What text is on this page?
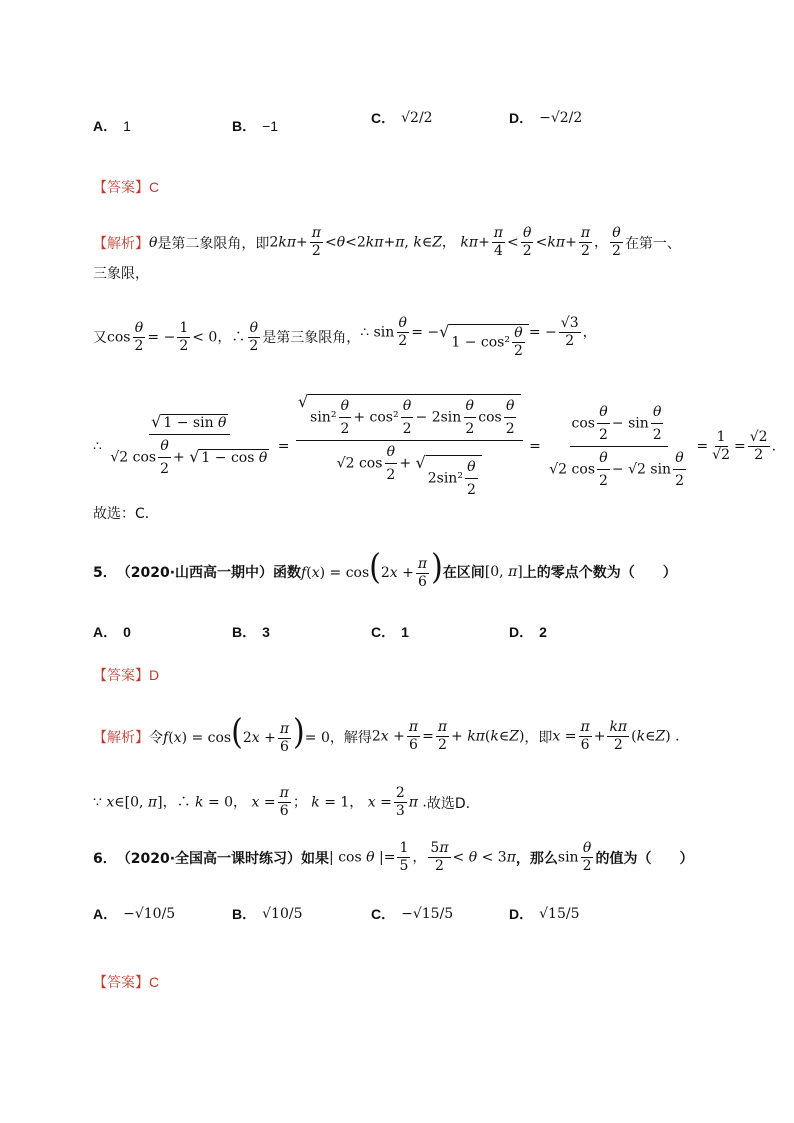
A． 1	B． −1	C． √2/2	D． −√2/2
【答案】 C
【解析】 θ 是第二象限角，即 $2k\pi+ \frac{\pi}{2} <\theta<2k\pi+\pi$, k∈Z， $k\pi+ \frac{\pi}{4} < \frac{\theta}{2} <k\pi+ \frac{\pi}{2}$ ， $\frac{\theta}{2}$ 在第一、
三象限，
又 $\cos \frac{\theta}{2}$ = − $\frac{1}{2} < 0$，∴ $\frac{\theta}{2}$ 是第三象限角， ∴ $\sin \frac{\theta}{2}$ = − √
$1 - \cos^2 \frac{\theta}{2}$ = − $\frac{√3}{2}$ ，
∴ $\frac{\text{√ 1 − sin θ}}{√2 \cos \frac{\theta}{2} + √ 1 - \cos \theta}$ = √
$\sin^2 \frac{\theta}{2} + \cos^2 \frac{\theta}{2} - 2\sin \frac{\theta}{2}$ $\cos \frac{\theta}{2}$
√2 $\cos \frac{\theta}{2}$ + √
$2\sin^2 \frac{\theta}{2} = \frac{\cos \frac{\theta}{2} - \sin \frac{\theta}{2}}{√2 \cos \frac{\theta}{2} - √2 \sin \frac{\theta}{2}} = \frac{1}{√2} = \frac{√2}{2}$ .
故选：C．
5． （2020·山西高一期中）函数 $f(x) = \cos(2x + \frac{\pi}{6}$ ) 在区间 [0, π] 上的零点个数为（　　）
A． 0	B． 3	C． 1	D． 2
【答案】 D
【解析】 令 $f(x) = \cos(2x + \frac{\pi}{6}$ )= 0 ，解得 $2x + \frac{\pi}{6} = \frac{\pi}{2}$ + kπ(k∈Z) ，即 $x = \frac{\pi}{6} + \frac{k\pi}{2}$ (k∈Z) .
∵ x∈[0, π]，∴ k = 0， $x = \frac{\pi}{6}$ ； k = 1， $x = \frac{2}{3}$ π . 故选D.
6． （2020·全国高一课时练习）如果 | cos θ |= $\frac{1}{5}$ ， $\frac{5\pi}{2} < \theta < 3\pi$ ，那么 $\sin \frac{\theta}{2}$ 的值为（　　）
A． −√10/5	B． √10/5	C． −√15/5	D． √15/5
【答案】 C
